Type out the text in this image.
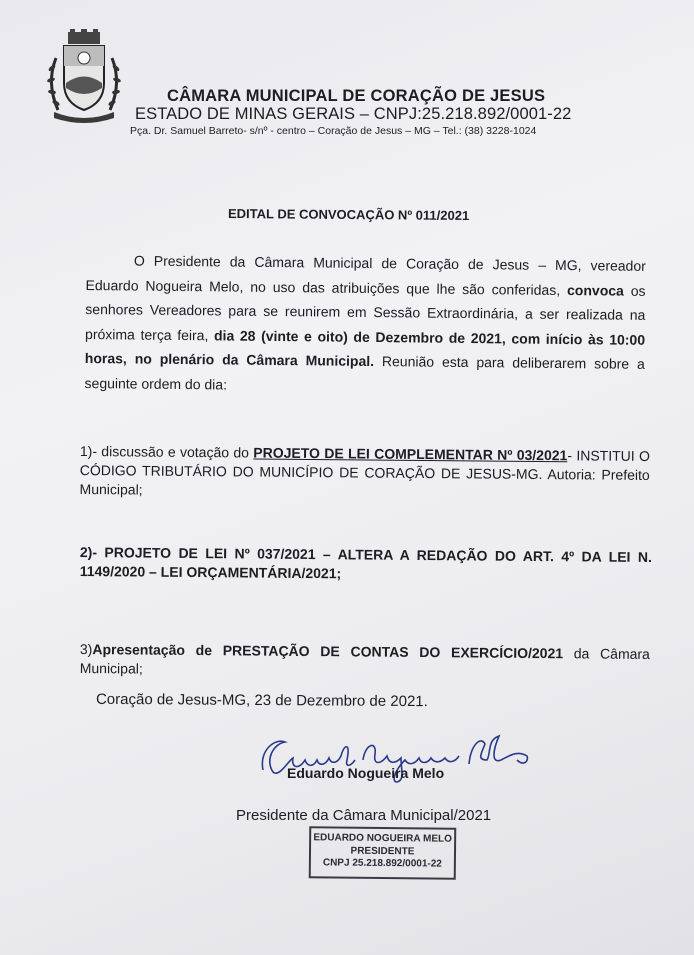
CÂMARA MUNICIPAL DE CORAÇÃO DE JESUS
ESTADO DE MINAS GERAIS – CNPJ:25.218.892/0001-22
Pça. Dr. Samuel Barreto- s/nº - centro – Coração de Jesus – MG – Tel.: (38) 3228-1024
EDITAL DE CONVOCAÇÃO Nº 011/2021
O Presidente da Câmara Municipal de Coração de Jesus – MG, vereador Eduardo Nogueira Melo, no uso das atribuições que lhe são conferidas, convoca os senhores Vereadores para se reunirem em Sessão Extraordinária, a ser realizada na próxima terça feira, dia 28 (vinte e oito) de Dezembro de 2021, com início às 10:00 horas, no plenário da Câmara Municipal. Reunião esta para deliberarem sobre a seguinte ordem do dia:
1)- discussão e votação do PROJETO DE LEI COMPLEMENTAR Nº 03/2021- INSTITUI O CÓDIGO TRIBUTÁRIO DO MUNICÍPIO DE CORAÇÃO DE JESUS-MG. Autoria: Prefeito Municipal;
2)- PROJETO DE LEI Nº 037/2021 – ALTERA A REDAÇÃO DO ART. 4º DA LEI N. 1149/2020 – LEI ORÇAMENTÁRIA/2021;
3)Apresentação de PRESTAÇÃO DE CONTAS DO EXERCÍCIO/2021 da Câmara Municipal;
Coração de Jesus-MG, 23 de Dezembro de 2021.
Eduardo Nogueira Melo
Presidente da Câmara Municipal/2021
EDUARDO NOGUEIRA MELO
PRESIDENTE
CNPJ 25.218.892/0001-22
